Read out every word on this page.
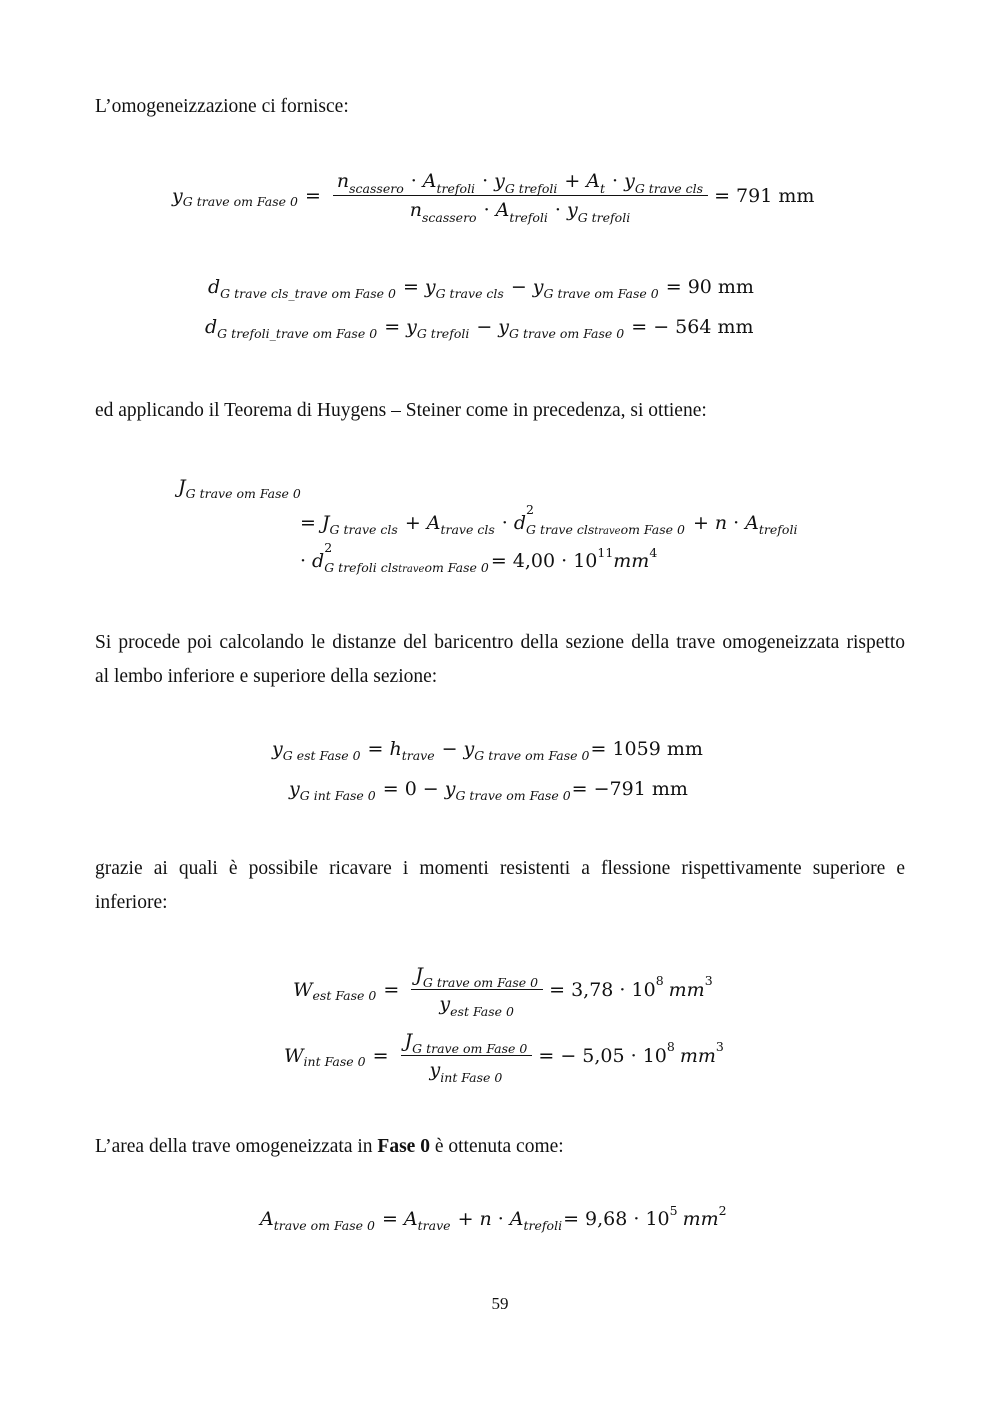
L’omogeneizzazione ci fornisce:

y G trave om Fase $0 = \frac{n_{scassero} \cdot A_{trefoli} \cdot y_{G trefoli} + A_t \cdot y_{G trave cls}}{n_{scassero} \cdot A_{trefoli} \cdot y_{G trefoli}} = 791$ mm
d G trave cls_trave om Fase 0 = y G trave cls − y G trave om Fase 0 = 90 mm
d G trefoli_trave om Fase 0 = y G trefoli − y G trave om Fase 0 = − 564 mm

ed applicando il Teorema di Huygens – Steiner come in precedenza, si ottiene:

J G trave om Fase 0
= J G trave cls + A trave cls · d
2
G trave clstraveom Fase 0 + n · A trefoli
· d
2
G trefoli clstraveom Fase 0 = 4,00 · 10 11 mm 4

Si procede poi calcolando le distanze del baricentro della sezione della trave omogeneizzata rispetto

al lembo inferiore e superiore della sezione:

y G est Fase 0 = h trave − y G trave om Fase 0 = 1059 mm
y G int Fase 0 = 0 − y G trave om Fase 0 = −791 mm

grazie ai quali è possibile ricavare i momenti resistenti a flessione rispettivamente superiore e

inferiore:

W est Fase $0 = \frac{J_{G trave om Fase 0}}{y_{est Fase 0}} = 3,78 \cdot 10$ 8 mm 3
W int Fase $0 = \frac{J_{G trave om Fase 0}}{y_{int Fase 0}}$ = − 5,05 · 10 8 mm 3

L’area della trave omogeneizzata in Fase 0 è ottenuta come:

A trave om Fase 0 = A trave + n · A trefoli = 9,68 · 10 5 mm 2
59
